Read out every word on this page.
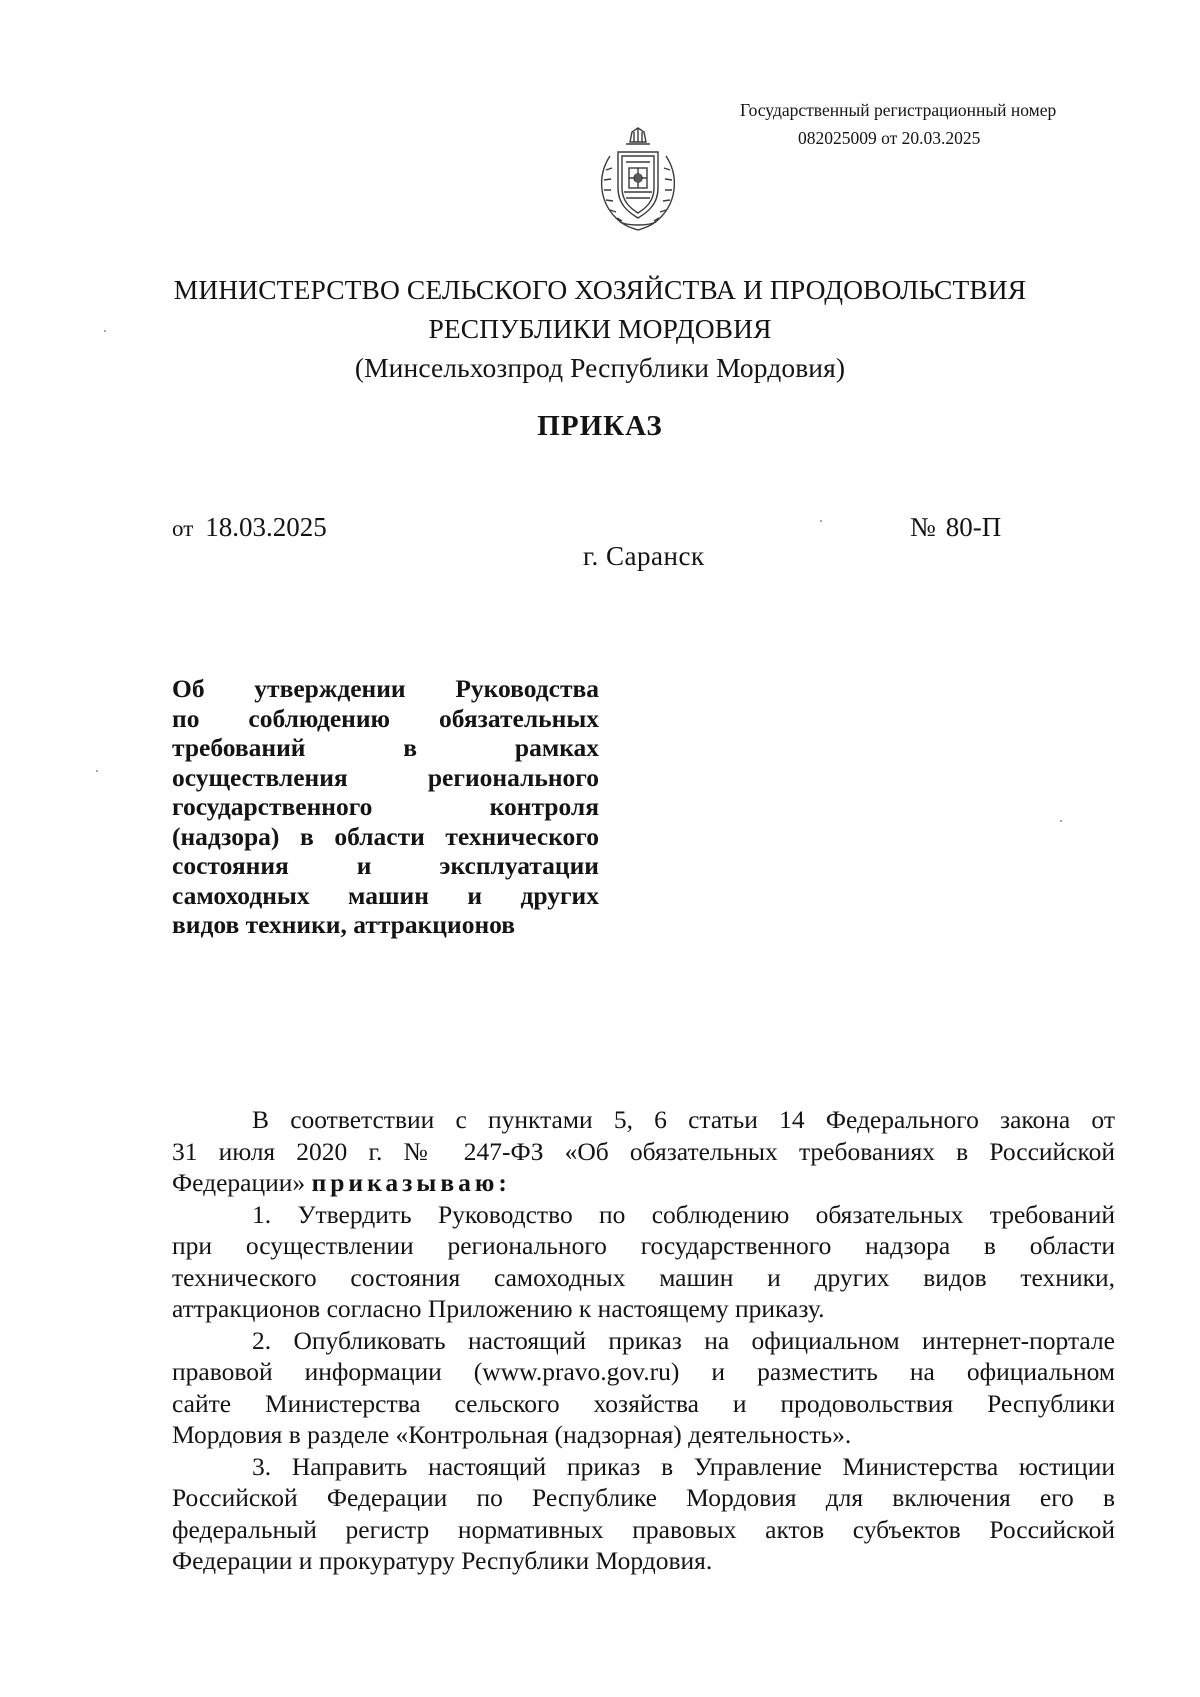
Государственный регистрационный номер
082025009 от 20.03.2025
МИНИСТЕРСТВО СЕЛЬСКОГО ХОЗЯЙСТВА И ПРОДОВОЛЬСТВИЯ
РЕСПУБЛИКИ МОРДОВИЯ
(Минсельхозпрод Республики Мордовия)
ПРИКАЗ
от 18.03.2025	№ 80-П
г. Саранск
Об утверждении Руководства
по соблюдению обязательных
требований в рамках
осуществления регионального
государственного контроля
(надзора) в области технического
состояния и эксплуатации
самоходных машин и других
видов техники, аттракционов

В соответствии с пунктами 5, 6 статьи 14 Федерального закона от
31 июля 2020 г. № 247-ФЗ «Об обязательных требованиях в Российской
Федерации» приказываю:

1. Утвердить Руководство по соблюдению обязательных требований
при осуществлении регионального государственного надзора в области
технического состояния самоходных машин и других видов техники,
аттракционов согласно Приложению к настоящему приказу.

2. Опубликовать настоящий приказ на официальном интернет-портале
правовой информации (www.pravo.gov.ru) и разместить на официальном
сайте Министерства сельского хозяйства и продовольствия Республики
Мордовия в разделе «Контрольная (надзорная) деятельность».

3. Направить настоящий приказ в Управление Министерства юстиции
Российской Федерации по Республике Мордовия для включения его в
федеральный регистр нормативных правовых актов субъектов Российской
Федерации и прокуратуру Республики Мордовия.
